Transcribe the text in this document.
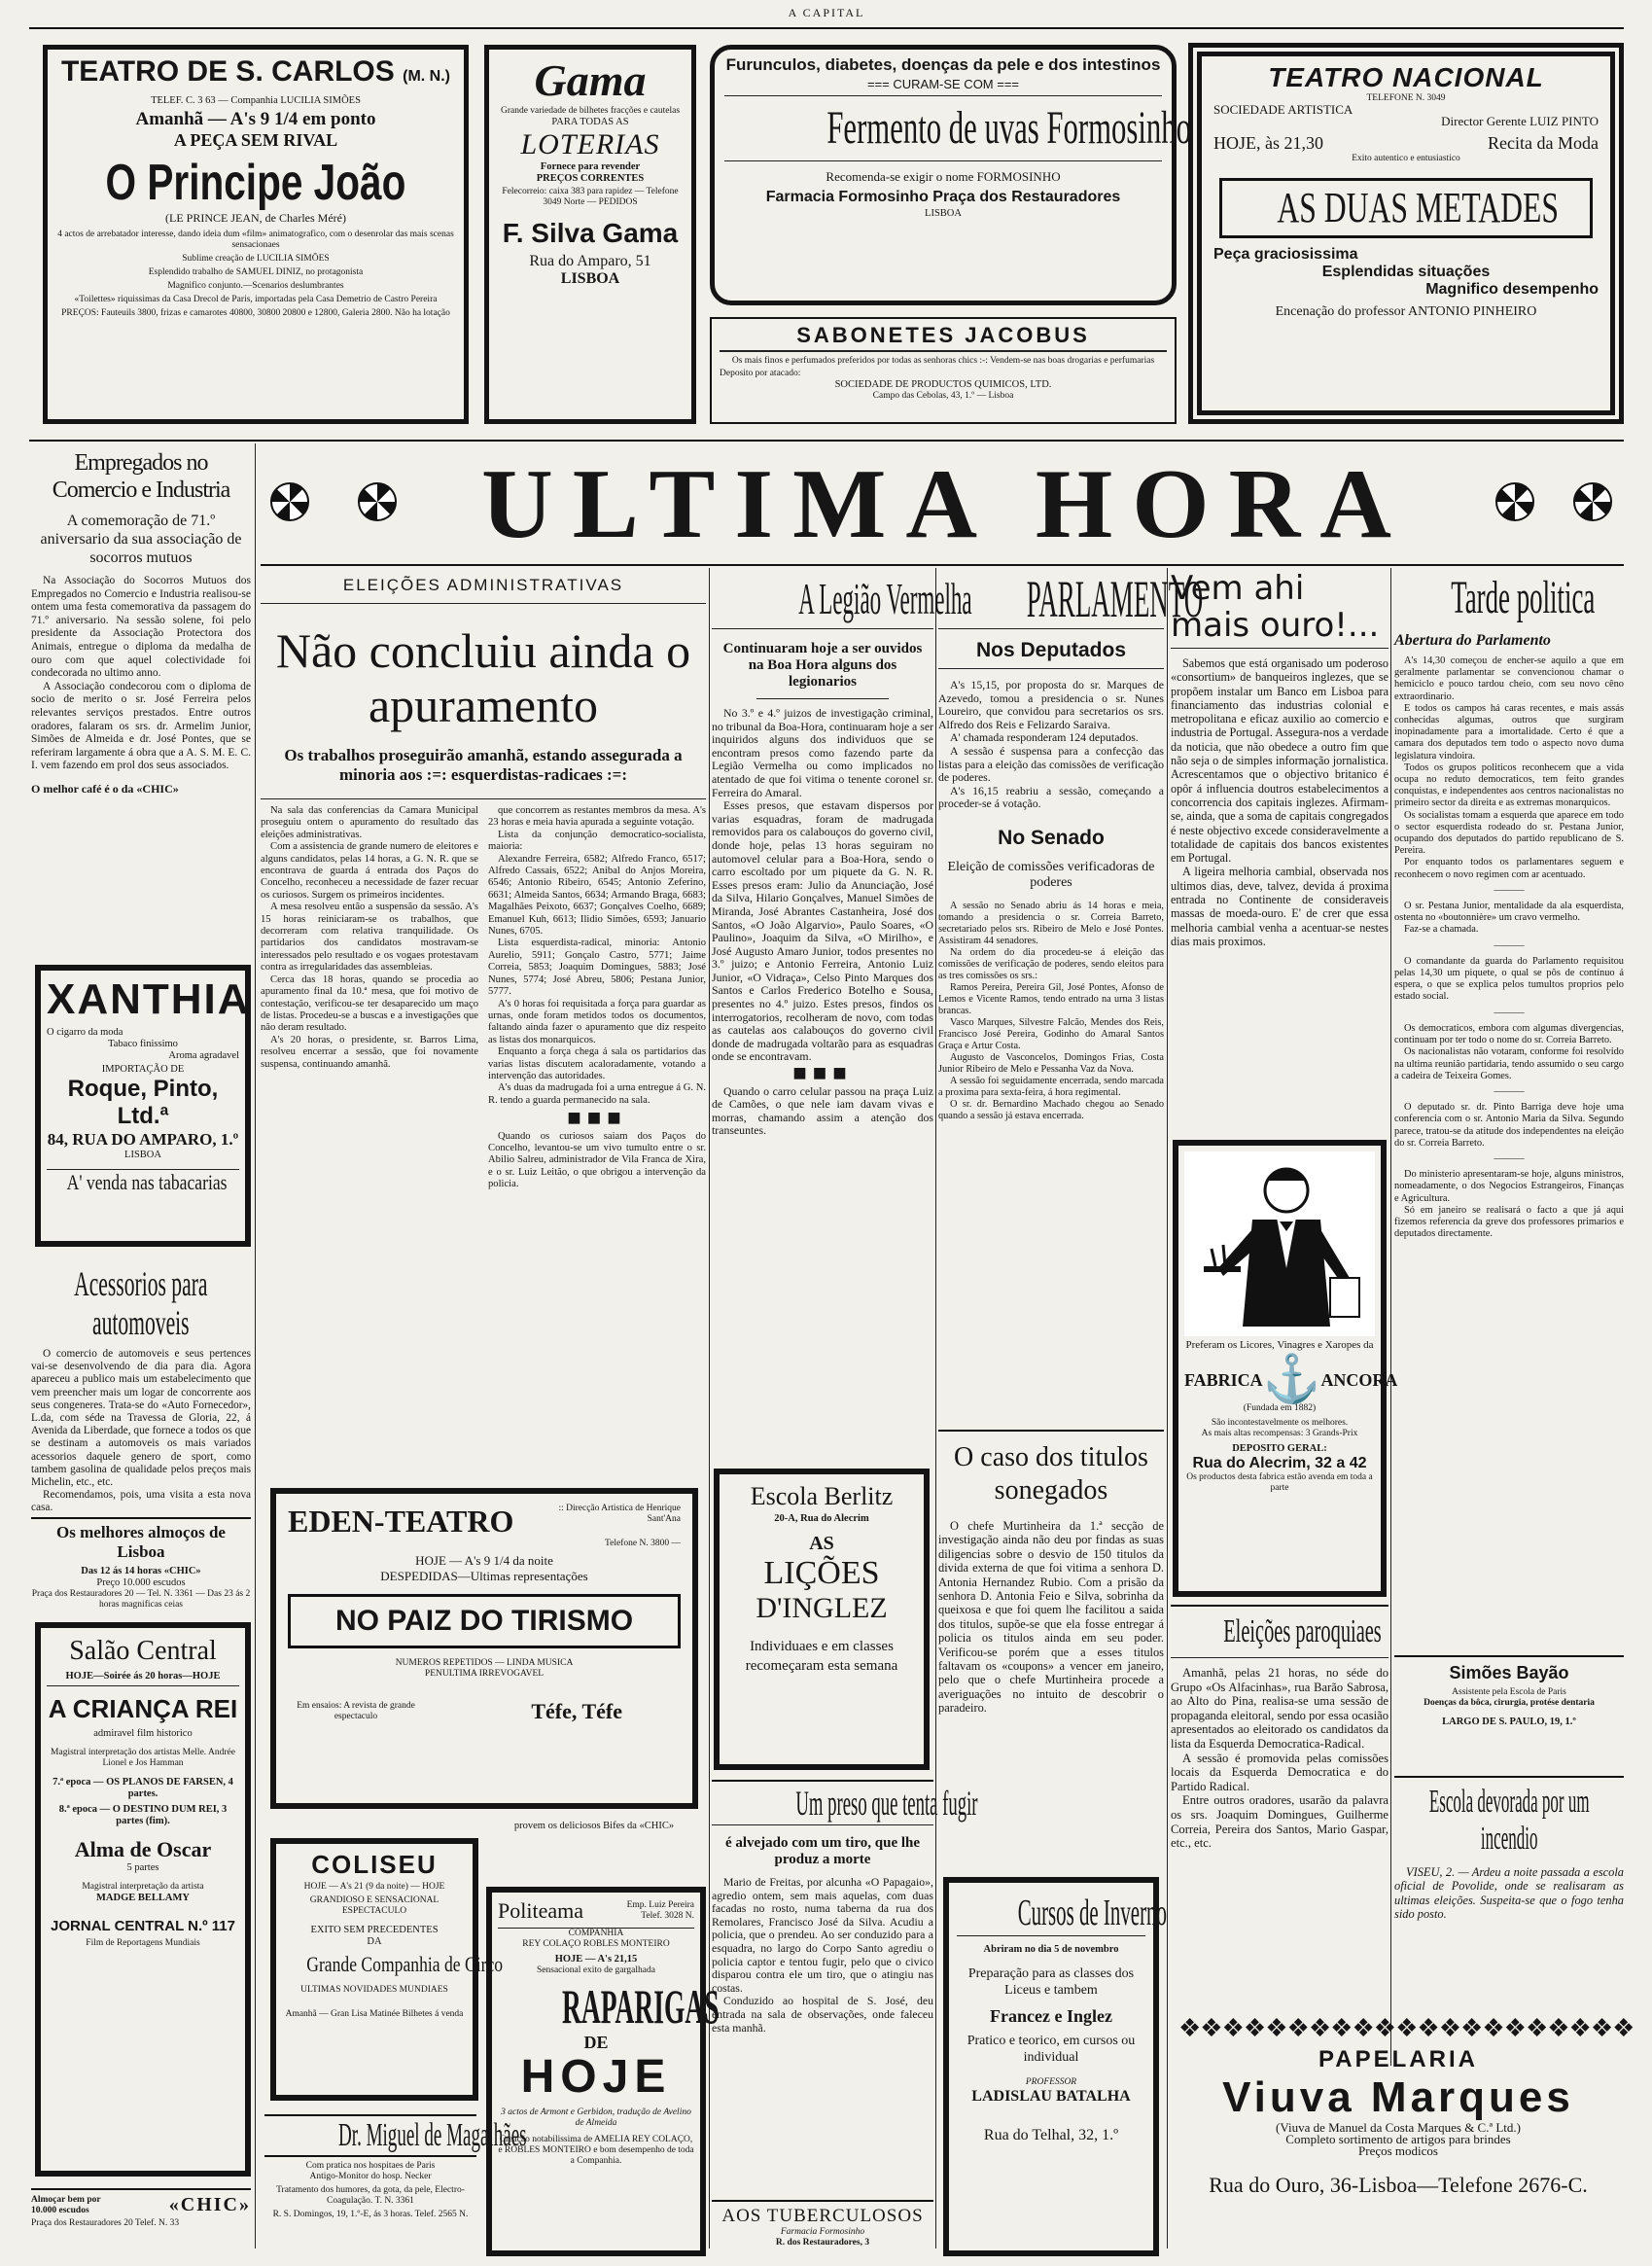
A CAPITAL
TEATRO DE S. CARLOS (M. N.)
TELEF. C. 3 63 — Companhia LUCILIA SIMÕES
Amanhã — A's 9 1/4 em ponto
A PEÇA SEM RIVAL
O Principe João
(LE PRINCE JEAN, de Charles Méré)
4 actos de arrebatador interesse, dando ideia dum «film» animatografico, com o desenrolar das mais scenas sensacionaes
Sublime creação de LUCILIA SIMÕES
Esplendido trabalho de SAMUEL DINIZ, no protagonista
Magnifico conjunto.—Scenarios deslumbrantes
«Toilettes» riquissimas da Casa Drecol de Paris, importadas pela Casa Demetrio de Castro Pereira
PREÇOS: Fauteuils 3800, frizas e camarotes 40800, 30800 20800 e 12800, Galeria 2800. Não ha lotação
Gama
Grande variedade de bilhetes fracções e cautelas
PARA TODAS AS
LOTERIAS
Fornece para revender
PREÇOS CORRENTES
Felecorreio: caixa 383 para rapidez — Telefone 3049 Norte — PEDIDOS
F. Silva Gama
Rua do Amparo, 51
LISBOA
Furunculos, diabetes, doenças da pele e dos intestinos
=== CURAM-SE COM ===
Fermento de uvas Formosinho
Recomenda-se exigir o nome FORMOSINHO
Farmacia Formosinho Praça dos Restauradores
LISBOA
SABONETES JACOBUS
Os mais finos e perfumados preferidos por todas as senhoras chics :-: Vendem-se nas boas drogarias e perfumarias
Deposito por atacado:
SOCIEDADE DE PRODUCTOS QUIMICOS, LTD.
Campo das Cebolas, 43, 1.º — Lisboa
TEATRO NACIONAL
TELEFONE N. 3049
SOCIEDADE ARTISTICA
Director Gerente LUIZ PINTO
HOJE, às 21,30	Recita da Moda
Exito autentico e entusiastico
AS DUAS METADES
Peça graciosissima
Esplendidas situações
Magnifico desempenho
Encenação do professor ANTONIO PINHEIRO
Empregados no Comercio e Industria
A comemoração de 71.º aniversario da sua associação de socorros mutuos

Na Associação do Socorros Mutuos dos Empregados no Comercio e Industria realisou-se ontem uma festa comemorativa da passagem do 71.º aniversario. Na sessão solene, foi pelo presidente da Associação Protectora dos Animais, entregue o diploma da medalha de ouro com que aquel colectividade foi condecorada no ultimo anno.

A Associação condecorou com o diploma de socio de merito o sr. José Ferreira pelos relevantes serviços prestados. Entre outros oradores, falaram os srs. dr. Armelim Junior, Simões de Almeida e dr. José Pontes, que se referiram largamente á obra que a A. S. M. E. C. I. vem fazendo em prol dos seus associados.

O melhor café é o da «CHIC»
XANTHIA
O cigarro da moda
Tabaco finissimo
Aroma agradavel
IMPORTAÇÃO DE
Roque, Pinto, Ltd.ª
84, RUA DO AMPARO, 1.º
LISBOA
A' venda nas tabacarias
Acessorios para automoveis

O comercio de automoveis e seus pertences vai-se desenvolvendo de dia para dia. Agora apareceu a publico mais um estabelecimento que vem preencher mais um logar de concorrente aos seus congeneres. Trata-se do «Auto Fornecedor», L.da, com séde na Travessa de Gloria, 22, á Avenida da Liberdade, que fornece a todos os que se destinam a automoveis os mais variados acessorios daquele genero de sport, como tambem gasolina de qualidade pelos preços mais Michelin, etc., etc.

Recomendamos, pois, uma visita a esta nova casa.

Os melhores almoços de Lisboa
Das 12 ás 14 horas «CHIC»
Preço 10.000 escudos
Praça dos Restauradores 20 — Tel. N. 3361 — Das 23 ás 2 horas magnificas ceias
Salão Central
HOJE—Soirée ás 20 horas—HOJE
A CRIANÇA REI
admiravel film historico
Magistral interpretação dos artistas Melle. Andrée Lionel e Jos Hamman
7.ª epoca — OS PLANOS DE FARSEN, 4 partes.
8.ª epoca — O DESTINO DUM REI, 3 partes (fim).
Alma de Oscar
5 partes
Magistral interpretação da artista
MADGE BELLAMY
JORNAL CENTRAL N.º 117
Film de Reportagens Mundiais
Almoçar bem por 10.000 escudos	«CHIC»
Praça dos Restauradores 20 Telef. N. 33
ULTIMA HORA
ELEIÇÕES ADMINISTRATIVAS
Não concluiu ainda o apuramento
Os trabalhos proseguirão amanhã, estando assegurada a minoria aos :=: esquerdistas-radicaes :=:

Na sala das conferencias da Camara Municipal proseguiu ontem o apuramento do resultado das eleições administrativas.

Com a assistencia de grande numero de eleitores e alguns candidatos, pelas 14 horas, a G. N. R. que se encontrava de guarda á entrada dos Paços do Concelho, reconheceu a necessidade de fazer recuar os curiosos. Surgem os primeiros incidentes.

A mesa resolveu então a suspensão da sessão. A's 15 horas reiniciaram-se os trabalhos, que decorreram com relativa tranquilidade. Os partidarios dos candidatos mostravam-se interessados pelo resultado e os vogaes protestavam contra as irregularidades das assembleias.

Cerca das 18 horas, quando se procedia ao apuramento final da 10.ª mesa, que foi motivo de contestação, verificou-se ter desaparecido um maço de listas. Procedeu-se a buscas e a investigações que não deram resultado.

A's 20 horas, o presidente, sr. Barros Lima, resolveu encerrar a sessão, que foi novamente suspensa, continuando amanhã.

que concorrem as restantes membros da mesa. A's 23 horas e meia havia apurada a seguinte votação.

Lista da conjunção democratico-socialista, maioria:

Alexandre Ferreira, 6582; Alfredo Franco, 6517; Alfredo Cassais, 6522; Anibal do Anjos Moreira, 6546; Antonio Ribeiro, 6545; Antonio Zeferino, 6631; Almeida Santos, 6634; Armando Braga, 6683; Magalhães Peixoto, 6637; Gonçalves Coelho, 6689; Emanuel Kuh, 6613; Ilidio Simões, 6593; Januario Nunes, 6705.

Lista esquerdista-radical, minoria: Antonio Aurelio, 5911; Gonçalo Castro, 5771; Jaime Correia, 5853; Joaquim Domingues, 5883; José Nunes, 5774; José Abreu, 5806; Pestana Junior, 5777.

A's 0 horas foi requisitada a força para guardar as urnas, onde foram metidos todos os documentos, faltando ainda fazer o apuramento que diz respeito as listas dos monarquicos.

Enquanto a força chega á sala os partidarios das varias listas discutem acaloradamente, votando a intervenção das autoridades.

A's duas da madrugada foi a urna entregue á G. N. R. tendo a guarda permanecido na sala.

■■■

Quando os curiosos saiam dos Paços do Concelho, levantou-se um vivo tumulto entre o sr. Abilio Salreu, administrador de Vila Franca de Xira, e o sr. Luiz Leitão, o que obrigou a intervenção da policia.

EDEN-TEATRO	:: Direcção Artistica de Henrique Sant'Ana
Telefone N. 3800 —
HOJE — A's 9 1/4 da noite
DESPEDIDAS—Ultimas representações
NO PAIZ DO TIRISMO
NUMEROS REPETIDOS — LINDA MUSICA
PENULTIMA IRREVOGAVEL
Em ensaios: A revista de grande espectaculo	Téfe, Téfe
provem os deliciosos Bifes da «CHIC»
COLISEU
HOJE — A's 21 (9 da noite) — HOJE
GRANDIOSO E SENSACIONAL ESPECTACULO
EXITO SEM PRECEDENTES
DA
Grande Companhia de Circo
ULTIMAS NOVIDADES MUNDIAES
Amanhã — Gran Lisa Matinée Bilhetes á venda
Politeama	Emp. Luiz Pereira Telef. 3028 N.
COMPANHIA
REY COLAÇO ROBLES MONTEIRO
HOJE — A's 21,15
Sensacional exito de gargalhada
RAPARIGAS
DE
HOJE
3 actos de Armont e Gerbidon, tradução de Avelino de Almeida
Creação notabilissima de AMELIA REY COLAÇO, e ROBLES MONTEIRO e bom desempenho de toda a Companhia.
Dr. Miguel de Magalhães
Com pratica nos hospitaes de Paris
Antigo-Monitor do hosp. Necker
Tratamento dos humores, da gota, da pele, Electro-Coagulação. T. N. 3361
R. S. Domingos, 19, 1.º-E, ás 3 horas. Telef. 2565 N.
A Legião Vermelha
Continuaram hoje a ser ouvidos na Boa Hora alguns dos legionarios

No 3.º e 4.º juizos de investigação criminal, no tribunal da Boa-Hora, continuaram hoje a ser inquiridos alguns dos individuos que se encontram presos como fazendo parte da Legião Vermelha ou como implicados no atentado de que foi vitima o tenente coronel sr. Ferreira do Amaral.

Esses presos, que estavam dispersos por varias esquadras, foram de madrugada removidos para os calabouços do governo civil, donde hoje, pelas 13 horas seguiram no automovel celular para a Boa-Hora, sendo o carro escoltado por um piquete da G. N. R. Esses presos eram: Julio da Anunciação, José da Silva, Hilario Gonçalves, Manuel Simões de Miranda, José Abrantes Castanheira, José dos Santos, «O João Algarvio», Paulo Soares, «O Paulino», Joaquim da Silva, «O Mirilho», e José Augusto Amaro Junior, todos presentes no 3.º juizo; e Antonio Ferreira, Antonio Luiz Junior, «O Vidraça», Celso Pinto Marques dos Santos e Carlos Frederico Botelho e Sousa, presentes no 4.º juizo. Estes presos, findos os interrogatorios, recolheram de novo, com todas as cautelas aos calabouços do governo civil donde de madrugada voltarão para as esquadras onde se encontravam.

■■■

Quando o carro celular passou na praça Luiz de Camões, o que nele iam davam vivas e morras, chamando assim a atenção dos transeuntes.

Escola Berlitz
20-A, Rua do Alecrim
AS
LIÇÕES
D'INGLEZ
Individuaes e em classes recomeçaram esta semana
Um preso que tenta fugir
é alvejado com um tiro, que lhe produz a morte

Mario de Freitas, por alcunha «O Papagaio», agredio ontem, sem mais aquelas, com duas facadas no rosto, numa taberna da rua dos Remolares, Francisco José da Silva. Acudiu a policia, que o prendeu. Ao ser conduzido para a esquadra, no largo do Corpo Santo agrediu o policia captor e tentou fugir, pelo que o civico disparou contra ele um tiro, que o atingiu nas costas.

Conduzido ao hospital de S. José, deu entrada na sala de observações, onde faleceu esta manhã.

AOS TUBERCULOSOS
Farmacia Formosinho
R. dos Restauradores, 3
PARLAMENTO
Nos Deputados

A's 15,15, por proposta do sr. Marques de Azevedo, tomou a presidencia o sr. Nunes Loureiro, que convidou para secretarios os srs. Alfredo dos Reis e Felizardo Saraiva.

A' chamada responderam 124 deputados.

A sessão é suspensa para a confecção das listas para a eleição das comissões de verificação de poderes.

A's 16,15 reabriu a sessão, começando a proceder-se á votação.

No Senado
Eleição de comissões verificadoras de poderes

A sessão no Senado abriu ás 14 horas e meia, tomando a presidencia o sr. Correia Barreto, secretariado pelos srs. Ribeiro de Melo e José Pontes. Assistiram 44 senadores.

Na ordem do dia procedeu-se á eleição das comissões de verificação de poderes, sendo eleitos para as tres comissões os srs.:

Ramos Pereira, Pereira Gil, José Pontes, Afonso de Lemos e Vicente Ramos, tendo entrado na urna 3 listas brancas.

Vasco Marques, Silvestre Falcão, Mendes dos Reis, Francisco José Pereira, Godinho do Amaral Santos Graça e Artur Costa.

Augusto de Vasconcelos, Domingos Frias, Costa Junior Ribeiro de Melo e Pessanha Vaz da Nova.

A sessão foi seguidamente encerrada, sendo marcada a proxima para sexta-feira, á hora regimental.

O sr. dr. Bernardino Machado chegou ao Senado quando a sessão já estava encerrada.

O caso dos titulos sonegados

O chefe Murtinheira da 1.ª secção de investigação ainda não deu por findas as suas diligencias sobre o desvio de 150 titulos da divida externa de que foi vitima a senhora D. Antonia Hernandez Rubio. Com a prisão da senhora D. Antonia Feio e Silva, sobrinha da queixosa e que foi quem lhe facilitou a saida dos titulos, supõe-se que ela fosse entregar á policia os titulos ainda em seu poder. Verificou-se porém que a esses titulos faltavam os «coupons» a vencer em janeiro, pelo que o chefe Murtinheira procede a averiguações no intuito de descobrir o paradeiro.

Cursos de Inverno
Abriram no dia 5 de novembro
Preparação para as classes dos Liceus e tambem
Francez e Inglez
Pratico e teorico, em cursos ou individual
PROFESSOR
LADISLAU BATALHA
Rua do Telhal, 32, 1.º
Vem ahi mais ouro!...

Sabemos que está organisado um poderoso «consortium» de banqueiros inglezes, que se propõem instalar um Banco em Lisboa para financiamento das industrias colonial e metropolitana e eficaz auxilio ao comercio e industria de Portugal. Assegura-nos a verdade da noticia, que não obedece a outro fim que não seja o de simples informação jornalistica. Acrescentamos que o objectivo britanico é opôr á influencia doutros estabelecimentos a concorrencia dos capitais inglezes. Afirmam-se, ainda, que a soma de capitais congregados é neste objectivo excede consideravelmente a totalidade de capitais dos bancos existentes em Portugal.

A ligeira melhoria cambial, observada nos ultimos dias, deve, talvez, devida á proxima entrada no Continente de consideraveis massas de moeda-ouro. E' de crer que essa melhoria cambial venha a acentuar-se nestes dias mais proximos.

Preferam os Licores, Vinagres e Xaropes da
FABRICA ⚓ ANCORA
(Fundada em 1882)
São incontestavelmente os melhores.
As mais altas recompensas: 3 Grands-Prix
DEPOSITO GERAL:
Rua do Alecrim, 32 a 42
Os productos desta fabrica estão avenda em toda a parte
Eleições paroquiaes

Amanhã, pelas 21 horas, no séde do Grupo «Os Alfacinhas», rua Barão Sabrosa, ao Alto do Pina, realisa-se uma sessão de propaganda eleitoral, sendo por essa ocasião apresentados ao eleitorado os candidatos da lista da Esquerda Democratica-Radical.

A sessão é promovida pelas comissões locais da Esquerda Democratica e do Partido Radical.

Entre outros oradores, usarão da palavra os srs. Joaquim Domingues, Guilherme Correia, Pereira dos Santos, Mario Gaspar, etc., etc.

Tarde politica
Abertura do Parlamento

A's 14,30 começou de encher-se aquilo a que em geralmente parlamentar se convencionou chamar o hemiciclo e pouco tardou cheio, com seu novo cêno extraordinario.

E todos os campos há caras recentes, e mais assás conhecidas algumas, outros que surgiram inopinadamente para a imortalidade. Certo é que a camara dos deputados tem todo o aspecto novo duma legislatura vindoira.

Todos os grupos politicos reconhecem que a vida ocupa no reduto democraticos, tem feito grandes conquistas, e independentes aos centros nacionalistas no primeiro sector da direita e as extremas monarquicos.

Os socialistas tomam a esquerda que aparece em todo o sector esquerdista rodeado do sr. Pestana Junior, ocupando dos deputados do partido republicano de S. Pereira.

Por enquanto todos os parlamentares seguem e reconhecem o novo regimen com ar acentuado.

———

O sr. Pestana Junior, mentalidade da ala esquerdista, ostenta no «boutonnière» um cravo vermelho.

Faz-se a chamada.

———

O comandante da guarda do Parlamento requisitou pelas 14,30 um piquete, o qual se pôs de contínuo á espera, o que se explica pelos tumultos proprios pelo estado social.

———

Os democraticos, embora com algumas divergencias, continuam por ter todo o nome do sr. Correia Barreto.

Os nacionalistas não votaram, conforme foi resolvido na ultima reunião partidaria, tendo assumido o seu cargo a cadeira de Teixeira Gomes.

———

O deputado sr. dr. Pinto Barriga deve hoje uma conferencia com o sr. Antonio Maria da Silva. Segundo parece, tratou-se da atitude dos independentes na eleição do sr. Correia Barreto.

———

Do ministerio apresentaram-se hoje, alguns ministros, nomeadamente, o dos Negocios Estrangeiros, Finanças e Agricultura.

Só em janeiro se realisará o facto a que já aqui fizemos referencia da greve dos professores primarios e deputados directamente.

Simões Bayão
Assistente pela Escola de Paris
Doenças da bôca, cirurgia, protése dentaria
LARGO DE S. PAULO, 19, 1.º
Escola devorada por um incendio
VISEU, 2. — Ardeu a noite passada a escola oficial de Povolide, onde se realisaram as ultimas eleições. Suspeita-se que o fogo tenha sido posto.
❖❖❖❖❖❖❖❖❖❖❖❖❖❖❖❖❖❖❖❖❖
PAPELARIA
Viuva Marques
(Viuva de Manuel da Costa Marques & C.ª Ltd.)
Completo sortimento de artigos para brindes
Preços modicos
Rua do Ouro, 36-Lisboa—Telefone 2676-C.
